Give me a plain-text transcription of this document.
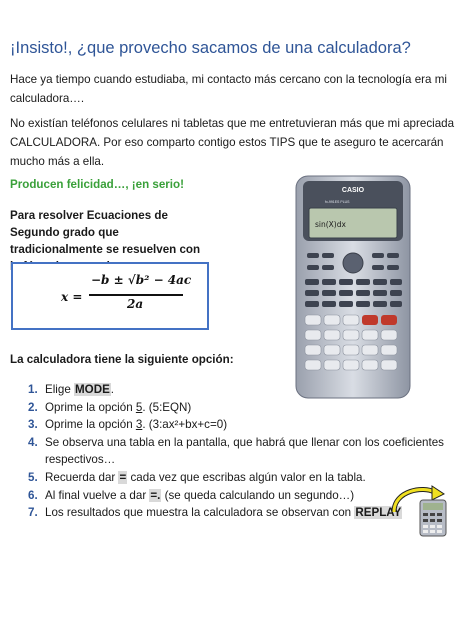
¡Insisto!, ¿que provecho sacamos de una calculadora?
Hace ya tiempo cuando estudiaba, mi contacto más cercano con la tecnología era mi calculadora….
No existían teléfonos celulares ni tabletas que me entretuvieran más que mi apreciada CALCULADORA. Por eso comparto contigo estos TIPS que te aseguro te acercarán mucho más a ella.
Producen felicidad…, ¡en serio!
Para resolver Ecuaciones de Segundo grado que tradicionalmente se resuelven con
x =
−b ± √b² − 4ac
2a
La calculadora tiene la siguiente opción:
1. Elige MODE.
2. Oprime la opción 5. (5:EQN)
3. Oprime la opción 3. (3:ax²+bx+c=0)
4. Se observa una tabla en la pantalla, que habrá que llenar con los coeficientes respectivos…
5. Recuerda dar = cada vez que escribas algún valor en la tabla.
6. Al final vuelve a dar =. (se queda calculando un segundo…)
7. Los resultados que muestra la calculadora se observan con REPLAY
CASIO
fx-991ES PLUS
sin(X)dx
